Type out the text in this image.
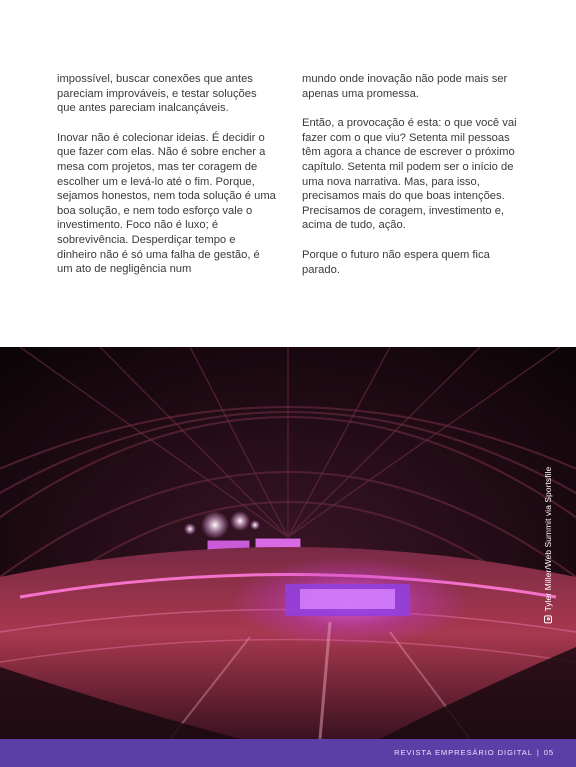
impossível, buscar conexões que antes pareciam improváveis, e testar soluções que antes pareciam inalcançáveis.

Inovar não é colecionar ideias. É decidir o que fazer com elas. Não é sobre encher a mesa com projetos, mas ter coragem de escolher um e levá-lo até o fim. Porque, sejamos honestos, nem toda solução é uma boa solução, e nem todo esforço vale o investimento. Foco não é luxo; é sobrevivência. Desperdiçar tempo e dinheiro não é só uma falha de gestão, é um ato de negligência num

mundo onde inovação não pode mais ser apenas uma promessa.

Então, a provocação é esta: o que você vai fazer com o que viu? Setenta mil pessoas têm agora a chance de escrever o próximo capítulo. Setenta mil podem ser o início de uma nova narrativa. Mas, para isso, precisamos mais do que boas intenções. Precisamos de coragem, investimento e, acima de tudo, ação.

Porque o futuro não espera quem fica parado.

Tyler Miller/Web Summit via Sportsfile
REVISTA EMPRESÁRIO DIGITAL | 05
